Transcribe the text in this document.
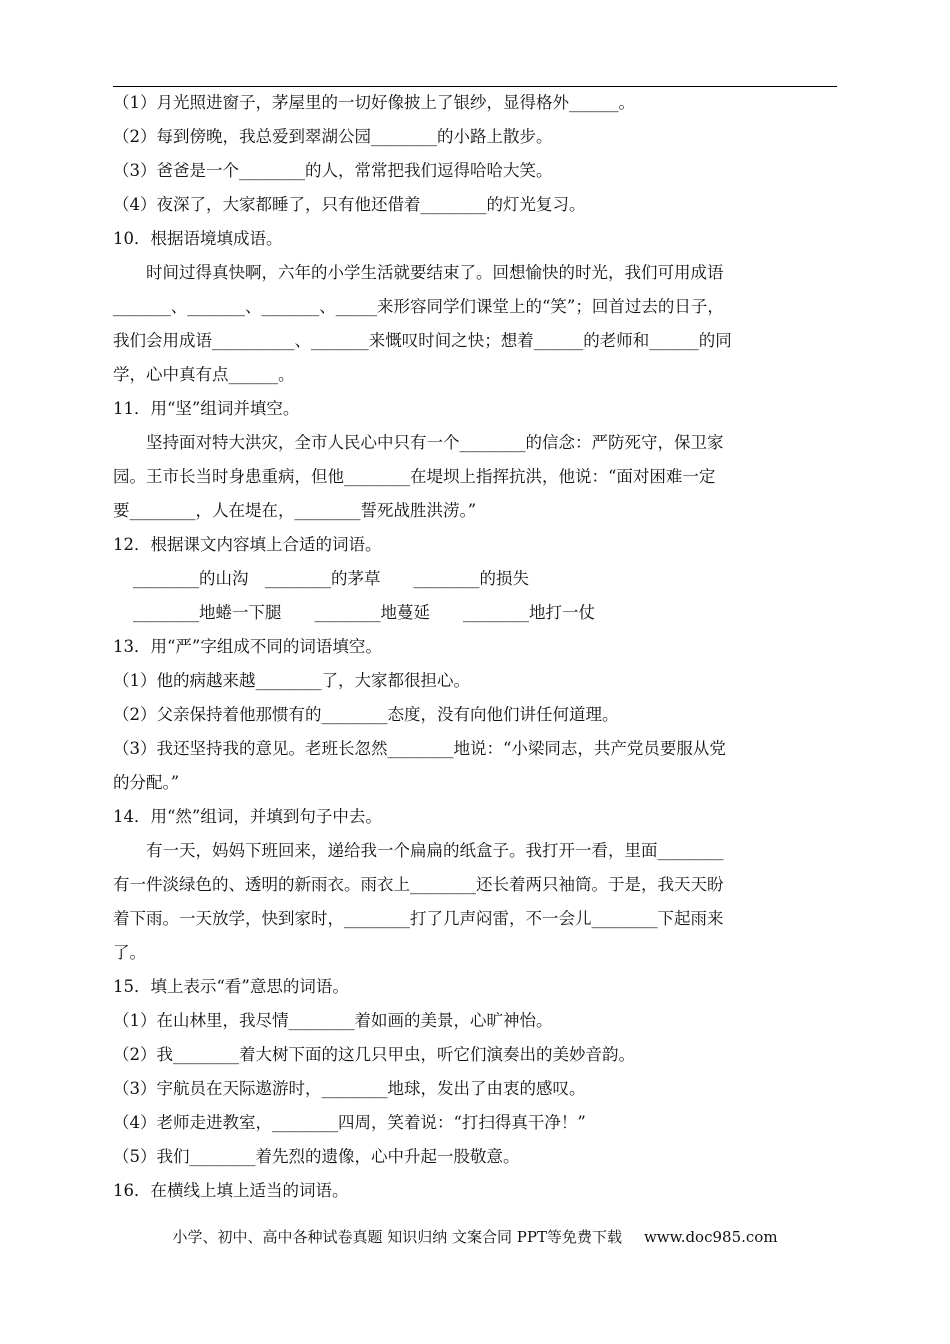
（1）月光照进窗子，茅屋里的一切好像披上了银纱，显得格外______。
（2）每到傍晚，我总爱到翠湖公园________的小路上散步。
（3）爸爸是一个________的人，常常把我们逗得哈哈大笑。
（4）夜深了，大家都睡了，只有他还借着________的灯光复习。
10．根据语境填成语。
时间过得真快啊，六年的小学生活就要结束了。回想愉快的时光，我们可用成语
_______、_______、_______、_____来形容同学们课堂上的“笑”；回首过去的日子，
我们会用成语__________、_______来慨叹时间之快；想着______的老师和______的同
学，心中真有点______。
11．用“坚”组词并填空。
坚持面对特大洪灾，全市人民心中只有一个________的信念：严防死守，保卫家
园。王市长当时身患重病，但他________在堤坝上指挥抗洪，他说：“面对困难一定
要________，人在堤在，________誓死战胜洪涝。”
12．根据课文内容填上合适的词语。
________的山沟　________的茅草　　________的损失
________地蜷一下腿　　________地蔓延　　________地打一仗
13．用“严”字组成不同的词语填空。
（1）他的病越来越________了，大家都很担心。
（2）父亲保持着他那惯有的________态度，没有向他们讲任何道理。
（3）我还坚持我的意见。老班长忽然________地说：“小梁同志，共产党员要服从党
的分配。”
14．用“然”组词，并填到句子中去。
有一天，妈妈下班回来，递给我一个扁扁的纸盒子。我打开一看，里面________
有一件淡绿色的、透明的新雨衣。雨衣上________还长着两只袖筒。于是，我天天盼
着下雨。一天放学，快到家时，________打了几声闷雷，不一会儿________下起雨来
了。
15．填上表示“看”意思的词语。
（1）在山林里，我尽情________着如画的美景，心旷神怡。
（2）我________着大树下面的这几只甲虫，听它们演奏出的美妙音韵。
（3）宇航员在天际遨游时，________地球，发出了由衷的感叹。
（4）老师走进教室，________四周，笑着说：“打扫得真干净！”
（5）我们________着先烈的遗像，心中升起一股敬意。
16．在横线上填上适当的词语。
小学、初中、高中各种试卷真题 知识归纳 文案合同 PPT等免费下载 www.doc985.com
